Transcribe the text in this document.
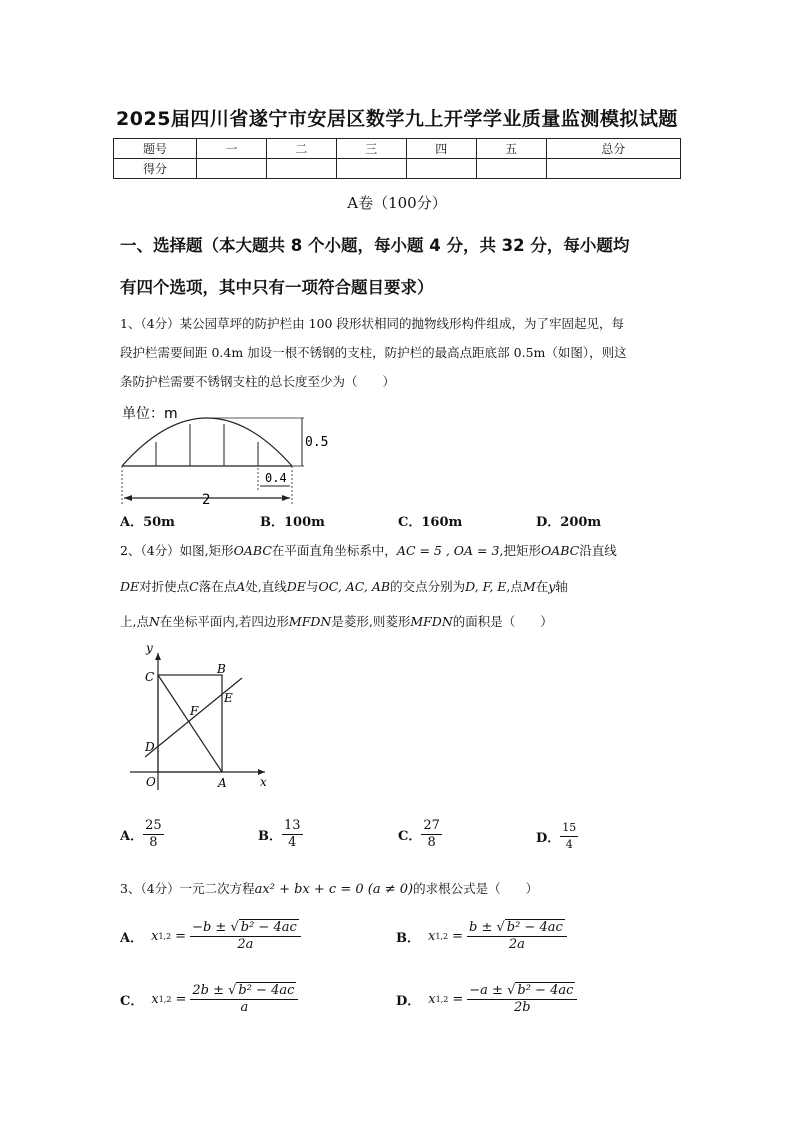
2025届四川省遂宁市安居区数学九上开学学业质量监测模拟试题
题号	一	二	三	四	五	总分
得分						
A卷（100分）
一、选择题（本大题共 8 个小题，每小题 4 分，共 32 分，每小题均
有四个选项，其中只有一项符合题目要求）
1、（4分）某公园草坪的防护栏由 100 段形状相同的抛物线形构件组成，为了牢固起见，每
段护栏需要间距 0.4m 加设一根不锈钢的支柱，防护栏的最高点距底部 0.5m（如图），则这
条防护栏需要不锈钢支柱的总长度至少为（　　）
单位：m
0.5
0.4
2
A．50m	B．100m	C．160m	D．200m
2、（4分）如图,矩形OABC在平面直角坐标系中，AC = 5 , OA = 3,把矩形OABC沿直线
DE对折使点C落在点A处,直线DE与OC, AC, AB的交点分别为D, F, E,点M在y轴
上,点N在坐标平面内,若四边形MFDN是菱形,则菱形MFDN的面积是（　　）
y
x
O	A
B
C
D
E
F
A． $\frac{25}{8}$	B． $\frac{13}{4}$	C． $\frac{27}{8}$	D． $\frac{15}{4}$
3、（4分）一元二次方程ax² + bx + c = 0 (a ≠ 0)的求根公式是（　　）
A． x $1,2 = \frac{\text{−b ± √ b² − 4ac}}{2a}$	B． x $1,2 = \frac{\text{b ± √ b² − 4ac}}{2a}$
C． x $1,2 = \frac{\text{2b ± √ b² − 4ac}}{a}$	D． x $1,2 = \frac{\text{−a ± √ b² − 4ac}}{2b}$
